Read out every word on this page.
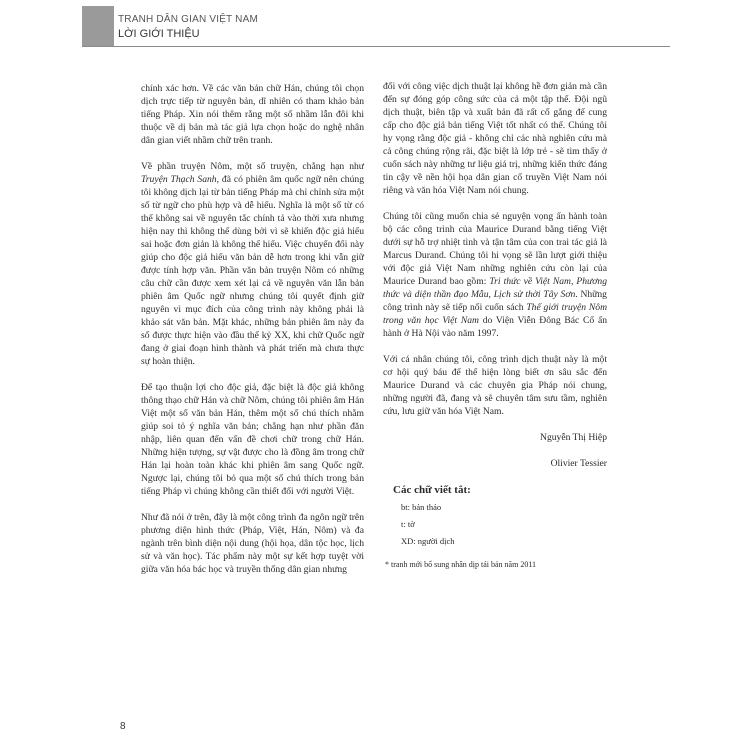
TRANH DÂN GIAN VIỆT NAM
LỜI GIỚI THIỆU

chính xác hơn. Về các văn bản chữ Hán, chúng tôi chọn dịch trực tiếp từ nguyên bản, dĩ nhiên có tham khảo bản tiếng Pháp. Xin nói thêm rằng một số nhầm lẫn đôi khi thuộc về dị bản mà tác giả lựa chọn hoặc do nghệ nhân dân gian viết nhầm chữ trên tranh.

Về phần truyện Nôm, một số truyện, chẳng hạn như Truyện Thạch Sanh, đã có phiên âm quốc ngữ nên chúng tôi không dịch lại từ bản tiếng Pháp mà chỉ chỉnh sửa một số từ ngữ cho phù hợp và dễ hiểu. Nghĩa là một số từ có thể không sai về nguyên tắc chính tả vào thời xưa nhưng hiện nay thì không thể dùng bởi vì sẽ khiến độc giả hiểu sai hoặc đơn giản là không thể hiểu. Việc chuyển đổi này giúp cho độc giả hiểu văn bản dễ hơn trong khi vẫn giữ được tính hợp văn. Phần văn bản truyện Nôm có những câu chữ cần được xem xét lại cả về nguyên văn lẫn bản phiên âm Quốc ngữ nhưng chúng tôi quyết định giữ nguyên vì mục đích của công trình này không phải là khảo sát văn bản. Mặt khác, những bản phiên âm này đa số được thực hiện vào đầu thế kỷ XX, khi chữ Quốc ngữ đang ở giai đoạn hình thành và phát triển mà chưa thực sự hoàn thiện.

Để tạo thuận lợi cho độc giả, đặc biệt là độc giả không thông thạo chữ Hán và chữ Nôm, chúng tôi phiên âm Hán Việt một số văn bản Hán, thêm một số chú thích nhằm giúp soi tỏ ý nghĩa văn bản; chẳng hạn như phần đăn nhập, liên quan đến vấn đề chơi chữ trong chữ Hán. Những hiện tượng, sự vật được cho là đồng âm trong chữ Hán lại hoàn toàn khác khi phiên âm sang Quốc ngữ. Ngược lại, chúng tôi bỏ qua một số chú thích trong bản tiếng Pháp vì chúng không cần thiết đối với người Việt.

Như đã nói ở trên, đây là một công trình đa ngôn ngữ trên phương diện hình thức (Pháp, Việt, Hán, Nôm) và đa ngành trên bình diện nội dung (hội họa, dân tộc học, lịch sử và văn học). Tác phẩm này một sự kết hợp tuyệt vời giữa văn hóa bác học và truyền thống dân gian nhưng

đối với công việc dịch thuật lại không hề đơn giản mà cần đến sự đóng góp công sức của cả một tập thể. Đội ngũ dịch thuật, biên tập và xuất bản đã rất cố gắng để cung cấp cho độc giả bản tiếng Việt tốt nhất có thể. Chúng tôi hy vọng rằng độc giả - không chỉ các nhà nghiên cứu mà cả công chúng rộng rãi, đặc biệt là lớp trẻ - sẽ tìm thấy ở cuốn sách này những tư liệu giá trị, những kiến thức đáng tin cậy về nền hội họa dân gian cổ truyền Việt Nam nói riêng và văn hóa Việt Nam nói chung.

Chúng tôi cũng muốn chia sẻ nguyện vọng ấn hành toàn bộ các công trình của Maurice Durand bằng tiếng Việt dưới sự hỗ trợ nhiệt tình và tận tâm của con trai tác giả là Marcus Durand. Chúng tôi hi vọng sẽ lần lượt giới thiệu với độc giả Việt Nam những nghiên cứu còn lại của Maurice Durand bao gồm: Tri thức về Việt Nam, Phương thức và diện thần đạo Mẫu, Lịch sử thời Tây Sơn. Những công trình này sẽ tiếp nối cuốn sách Thế giới truyện Nôm trong văn học Việt Nam do Viện Viễn Đông Bác Cổ ấn hành ở Hà Nội vào năm 1997.

Với cá nhân chúng tôi, công trình dịch thuật này là một cơ hội quý báu để thể hiện lòng biết ơn sâu sắc đến Maurice Durand và các chuyên gia Pháp nói chung, những người đã, đang và sẽ chuyên tâm sưu tầm, nghiên cứu, lưu giữ văn hóa Việt Nam.

Nguyễn Thị Hiệp

Olivier Tessier

Các chữ viết tắt:
bt: bản thảo
t: tờ
XD: người dịch
* tranh mới bổ sung nhân dịp tái bản năm 2011
8
